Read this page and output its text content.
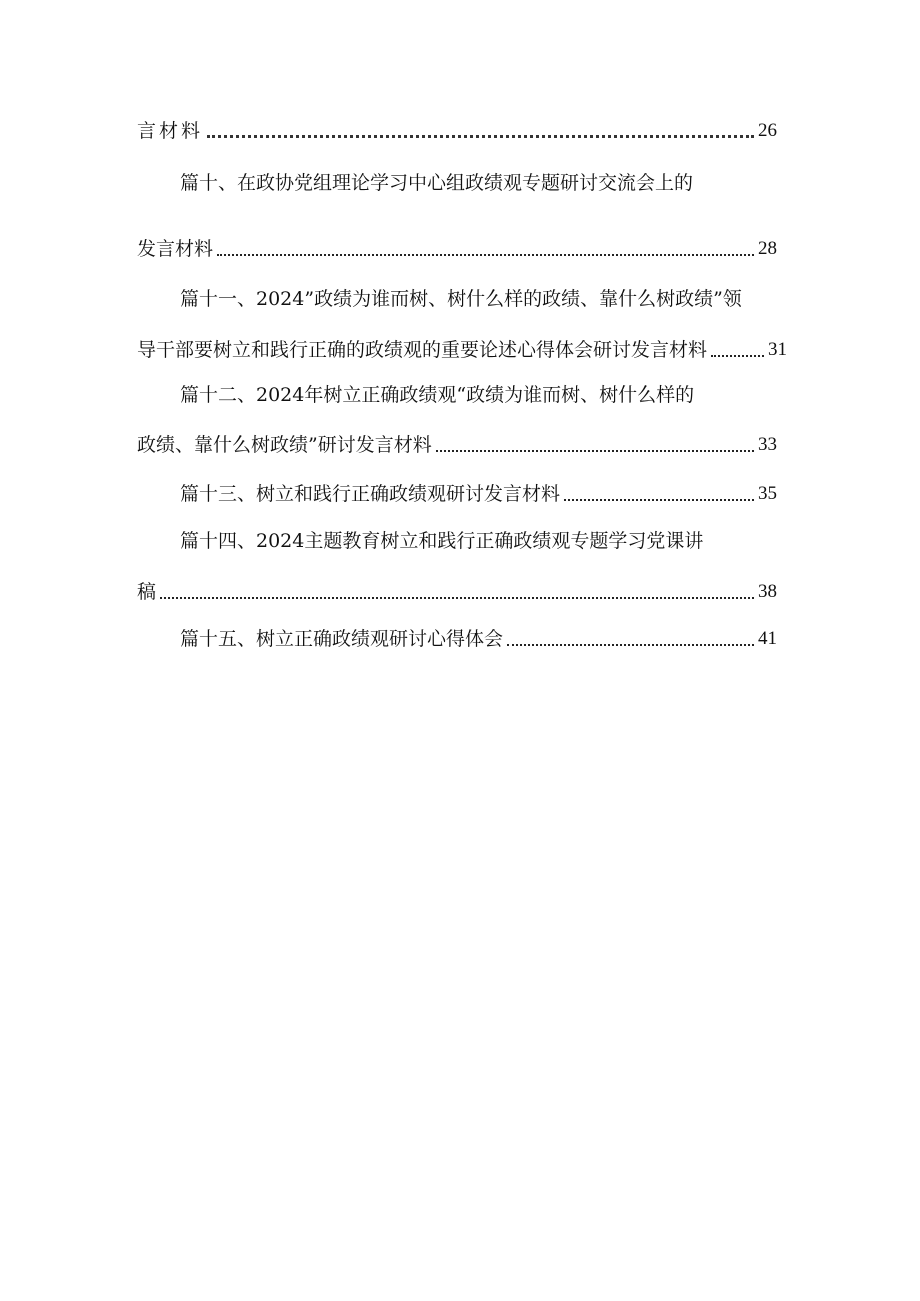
言材料	26
篇十、在政协党组理论学习中心组政绩观专题研讨交流会上的
发言材料	28
篇十一、2024”政绩为谁而树、树什么样的政绩、靠什么树政绩”领
导干部要树立和践行正确的政绩观的重要论述心得体会研讨发言材料	31
篇十二、2024年树立正确政绩观“政绩为谁而树、树什么样的
政绩、靠什么树政绩”研讨发言材料	33
篇十三、树立和践行正确政绩观研讨发言材料	35
篇十四、2024主题教育树立和践行正确政绩观专题学习党课讲
稿	38
篇十五、树立正确政绩观研讨心得体会	41
